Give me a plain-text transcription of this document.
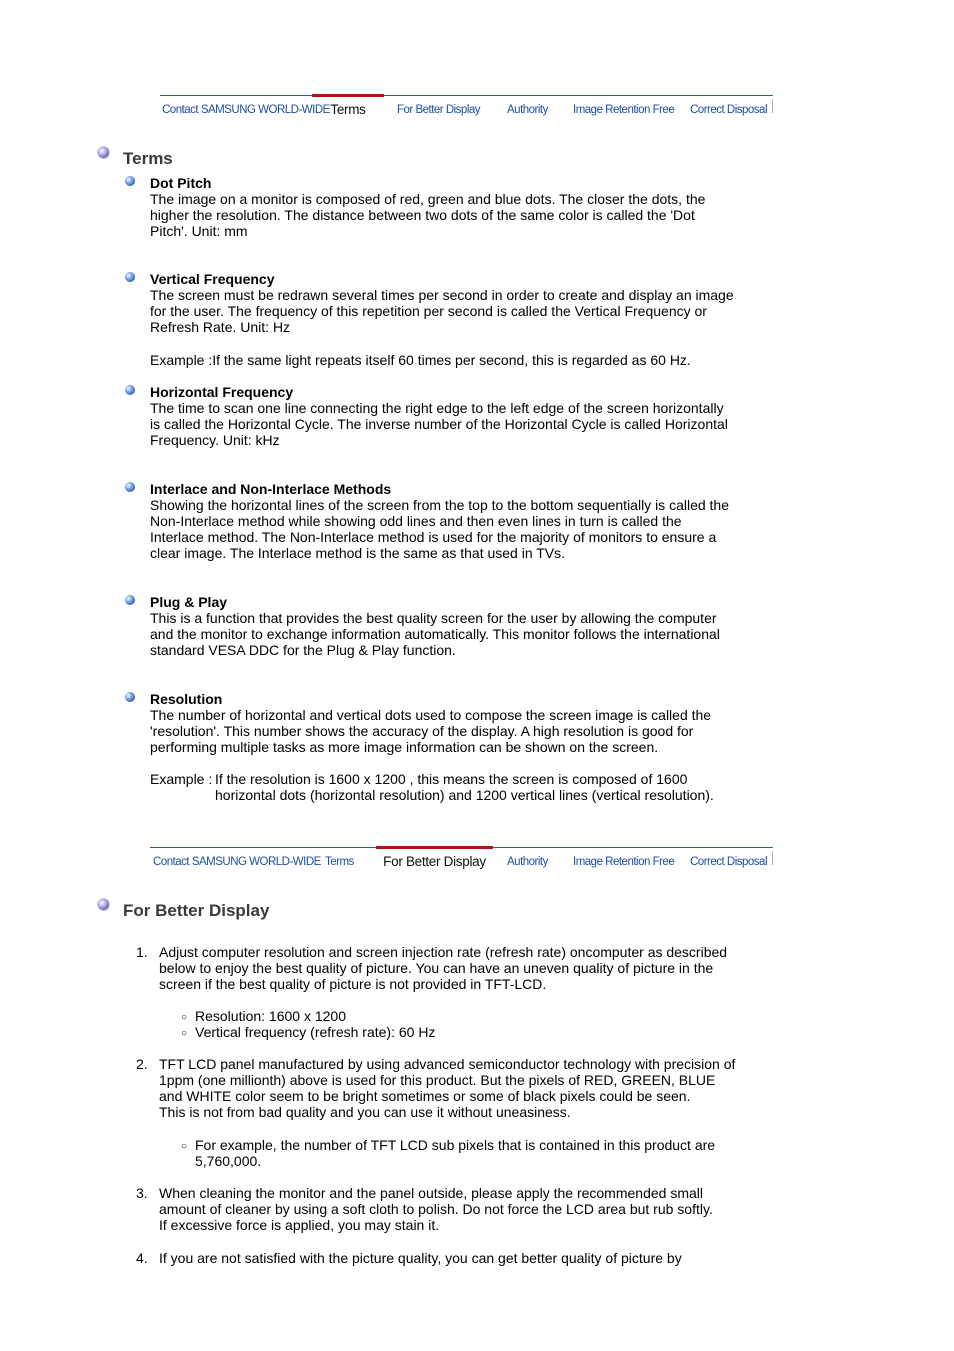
Contact SAMSUNG WORLD-WIDE Terms	For Better Display Authority Image Retention Free Correct Disposal
Terms
Dot Pitch

The image on a monitor is composed of red, green and blue dots. The closer the dots, the

higher the resolution. The distance between two dots of the same color is called the 'Dot

Pitch'. Unit: mm

Vertical Frequency

The screen must be redrawn several times per second in order to create and display an image

for the user. The frequency of this repetition per second is called the Vertical Frequency or

Refresh Rate. Unit: Hz

Example :If the same light repeats itself 60 times per second, this is regarded as 60 Hz.
Horizontal Frequency

The time to scan one line connecting the right edge to the left edge of the screen horizontally

is called the Horizontal Cycle. The inverse number of the Horizontal Cycle is called Horizontal

Frequency. Unit: kHz

Interlace and Non-Interlace Methods

Showing the horizontal lines of the screen from the top to the bottom sequentially is called the

Non-Interlace method while showing odd lines and then even lines in turn is called the

Interlace method. The Non-Interlace method is used for the majority of monitors to ensure a

clear image. The Interlace method is the same as that used in TVs.

Plug & Play

This is a function that provides the best quality screen for the user by allowing the computer

and the monitor to exchange information automatically. This monitor follows the international

standard VESA DDC for the Plug & Play function.

Resolution

The number of horizontal and vertical dots used to compose the screen image is called the

'resolution'. This number shows the accuracy of the display. A high resolution is good for

performing multiple tasks as more image information can be shown on the screen.

Example : If the resolution is 1600 x 1200 , this means the screen is composed of 1600
horizontal dots (horizontal resolution) and 1200 vertical lines (vertical resolution).
Contact SAMSUNG WORLD-WIDE Terms	For Better Display	Authority Image Retention Free Correct Disposal
For Better Display
1. Adjust computer resolution and screen injection rate (refresh rate) oncomputer as described
below to enjoy the best quality of picture. You can have an uneven quality of picture in the
screen if the best quality of picture is not provided in TFT-LCD.
○ Resolution: 1600 x 1200
○ Vertical frequency (refresh rate): 60 Hz
2. TFT LCD panel manufactured by using advanced semiconductor technology with precision of
1ppm (one millionth) above is used for this product. But the pixels of RED, GREEN, BLUE
and WHITE color seem to be bright sometimes or some of black pixels could be seen.
This is not from bad quality and you can use it without uneasiness.
○ For example, the number of TFT LCD sub pixels that is contained in this product are
5,760,000.
3. When cleaning the monitor and the panel outside, please apply the recommended small
amount of cleaner by using a soft cloth to polish. Do not force the LCD area but rub softly.
If excessive force is applied, you may stain it.
4. If you are not satisfied with the picture quality, you can get better quality of picture by
